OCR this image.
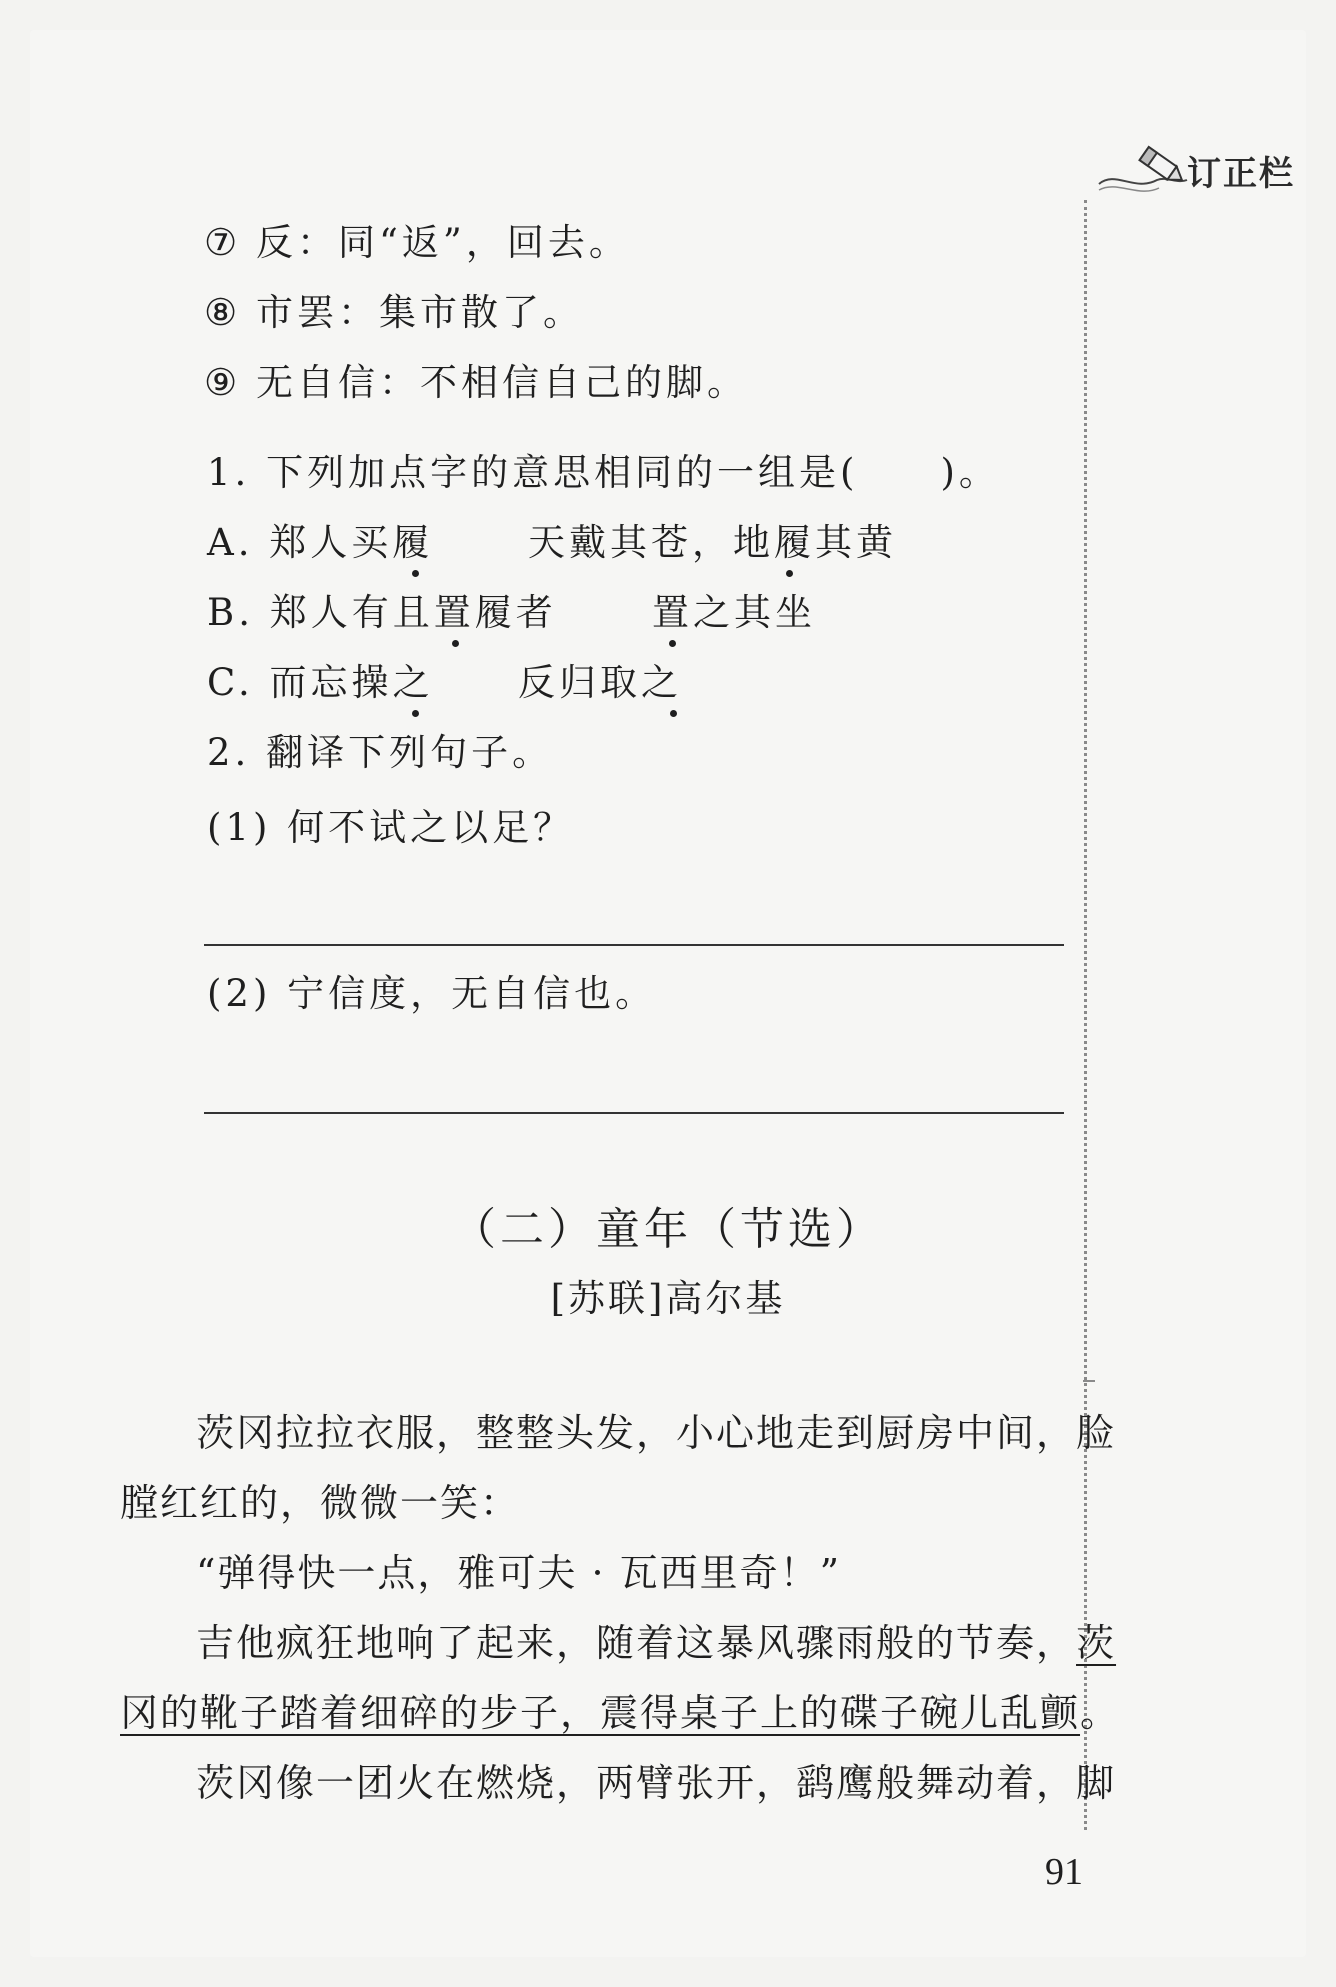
订正栏
⑦ 反：同“返”，回去。
⑧ 市罢：集市散了。
⑨ 无自信：不相信自己的脚。
1. 下列加点字的意思相同的一组是(　　)。
A. 郑人买履	天戴其苍，地履其黄
B. 郑人有且置履者	置之其坐
C. 而忘操之 反归取之
2. 翻译下列句子。
(1) 何不试之以足？
(2) 宁信度，无自信也。
（二）童年（节选）
[苏联]高尔基
茨冈拉拉衣服，整整头发，小心地走到厨房中间，脸
膛红红的，微微一笑：
“弹得快一点，雅可夫 · 瓦西里奇！”
吉他疯狂地响了起来，随着这暴风骤雨般的节奏，茨
冈的靴子踏着细碎的步子，震得桌子上的碟子碗儿乱颤。
茨冈像一团火在燃烧，两臂张开，鹞鹰般舞动着，脚
91
